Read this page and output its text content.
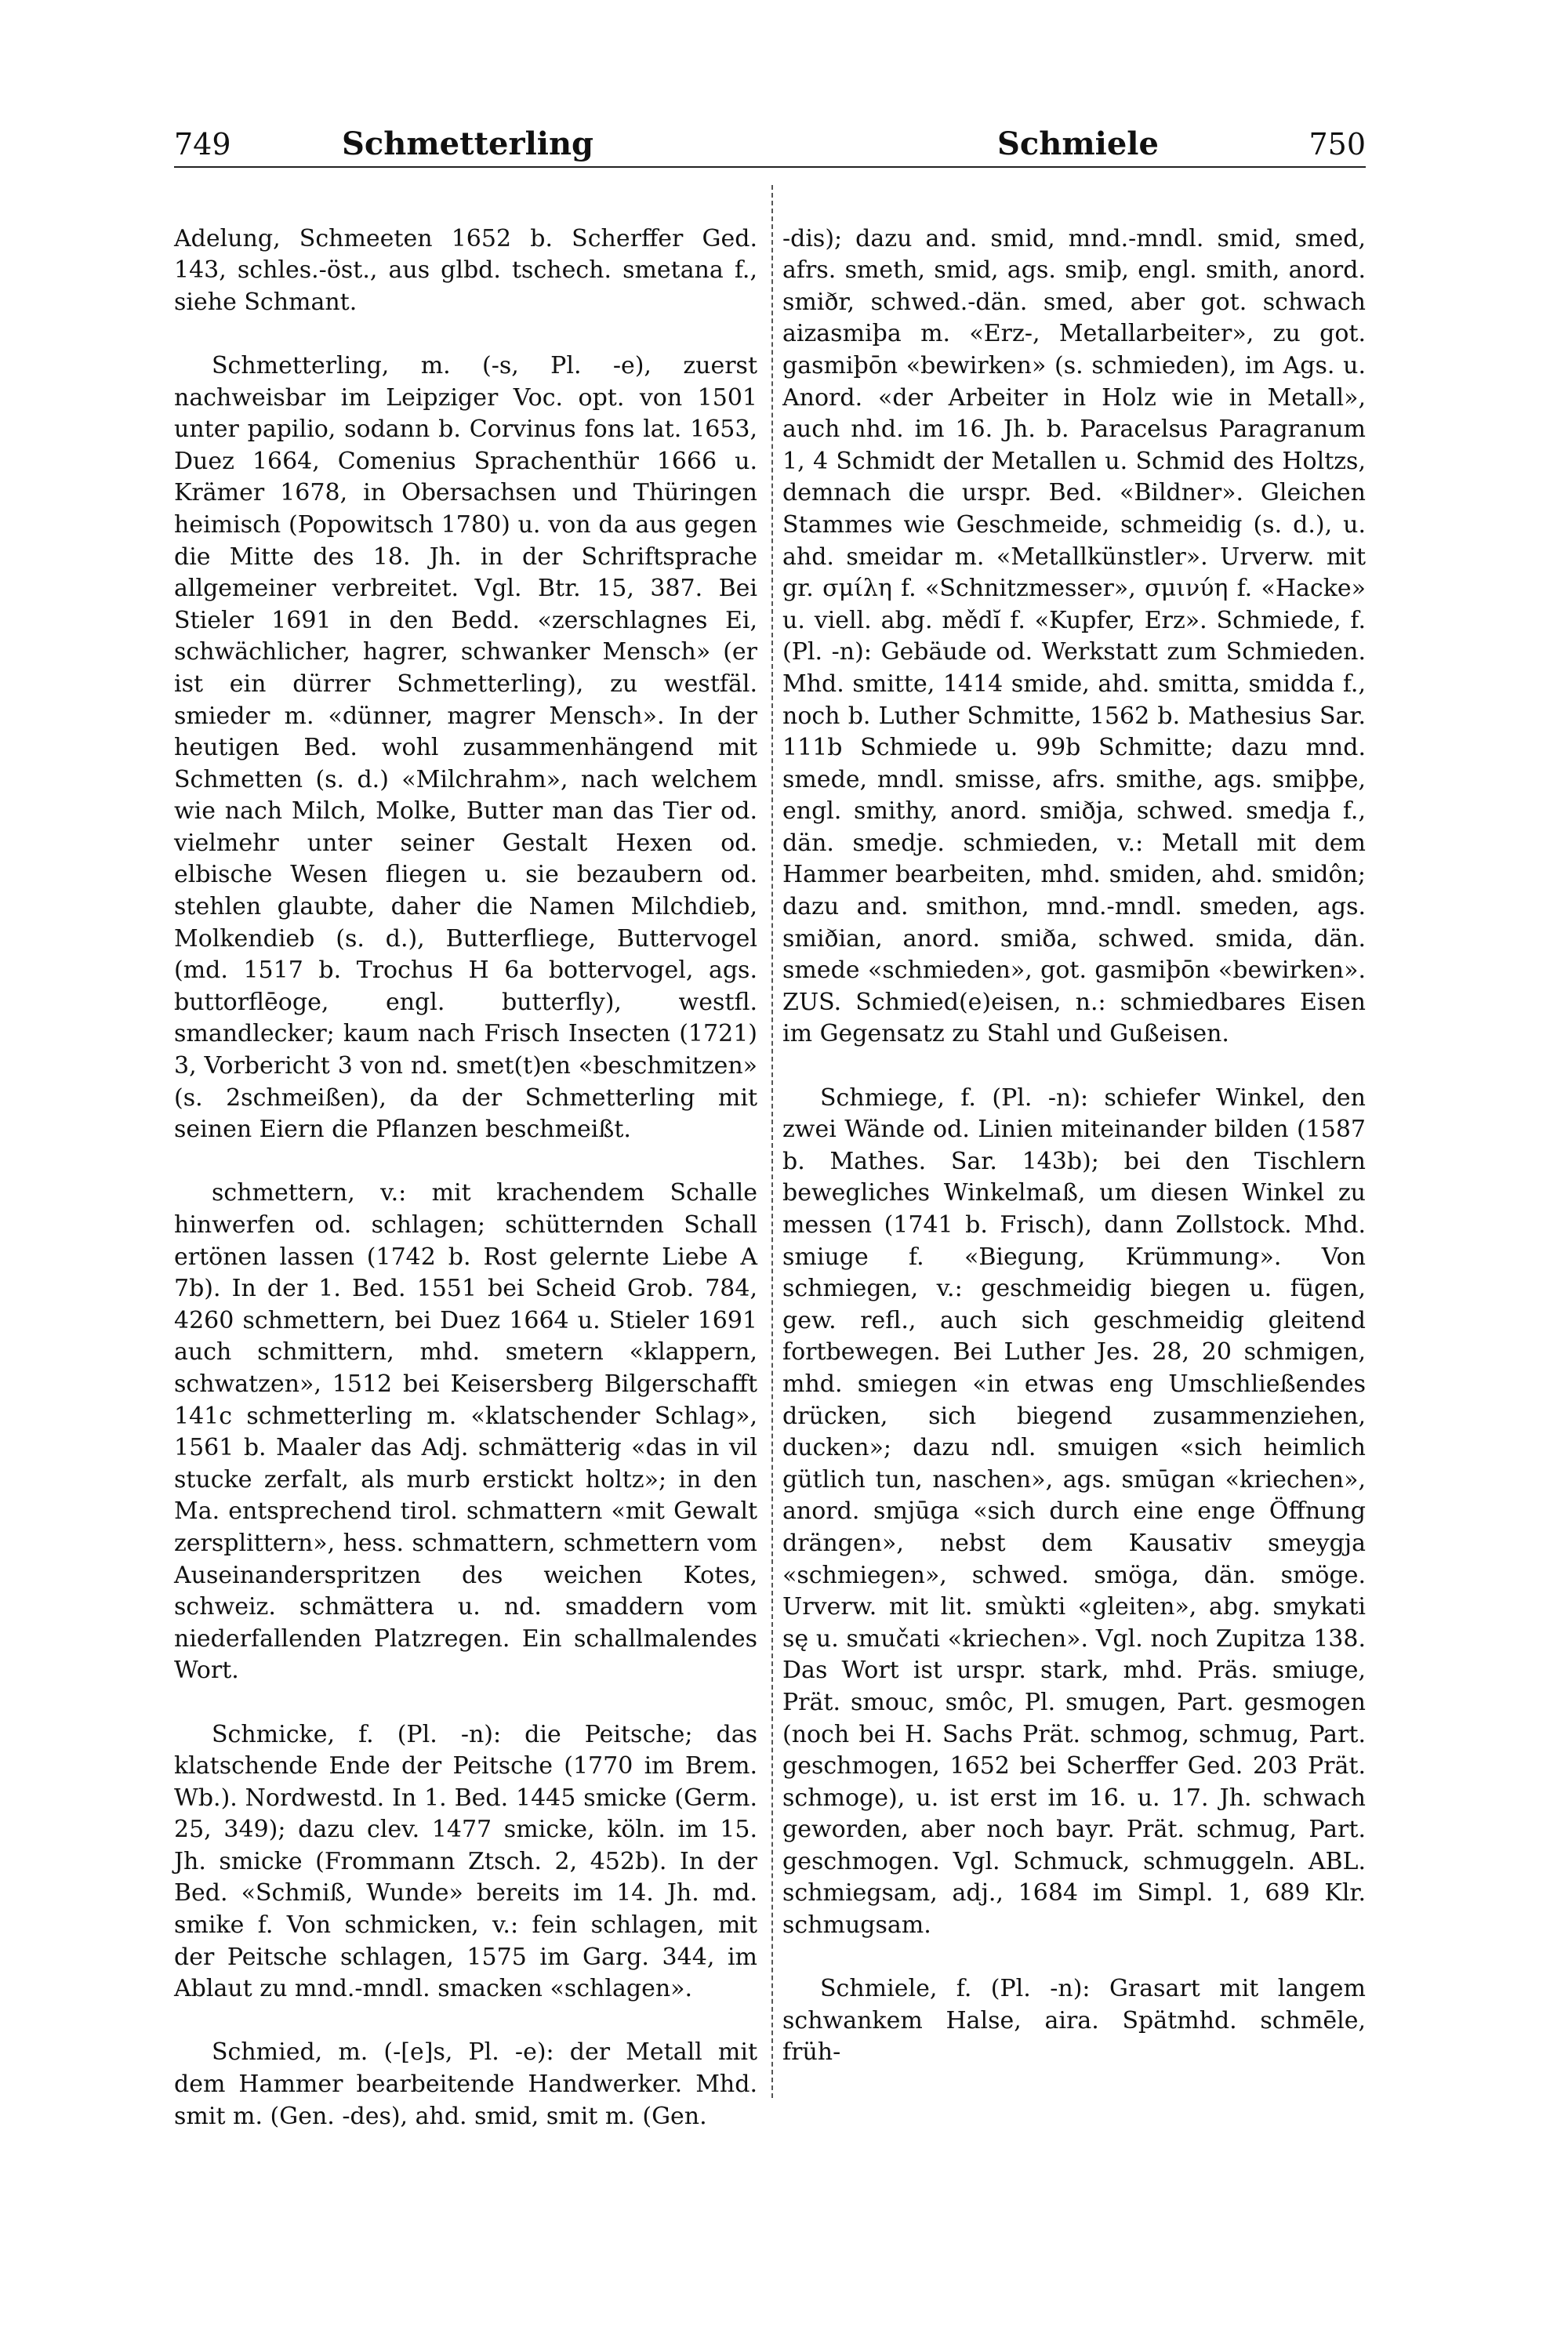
749	Schmetterling	Schmiele	750

Adelung, Schmeeten 1652 b. Scherffer Ged. 143, schles.-öst., aus glbd. tschech. smetana f., siehe Schmant.

Schmetterling, m. (-s, Pl. -e), zuerst nachweisbar im Leipziger Voc. opt. von 1501 unter papilio, sodann b. Corvinus fons lat. 1653, Duez 1664, Comenius Sprachenthür 1666 u. Krämer 1678, in Obersachsen und Thüringen heimisch (Popowitsch 1780) u. von da aus gegen die Mitte des 18. Jh. in der Schriftsprache allgemeiner verbreitet. Vgl. Btr. 15, 387. Bei Stieler 1691 in den Bedd. «zerschlagnes Ei, schwächlicher, hagrer, schwanker Mensch» (er ist ein dürrer Schmetterling), zu westfäl. smieder m. «dünner, magrer Mensch». In der heutigen Bed. wohl zusammenhängend mit Schmetten (s. d.) «Milchrahm», nach welchem wie nach Milch, Molke, Butter man das Tier od. vielmehr unter seiner Gestalt Hexen od. elbische Wesen fliegen u. sie bezaubern od. stehlen glaubte, daher die Namen Milchdieb, Molkendieb (s. d.), Butterfliege, Buttervogel (md. 1517 b. Trochus H 6a bottervogel, ags. buttorflēoge, engl. butterfly), westfl. smandlecker; kaum nach Frisch Insecten (1721) 3, Vorbericht 3 von nd. smet(t)en «beschmitzen» (s. 2schmeißen), da der Schmetterling mit seinen Eiern die Pflanzen beschmeißt.

schmettern, v.: mit krachendem Schalle hinwerfen od. schlagen; schütternden Schall ertönen lassen (1742 b. Rost gelernte Liebe A 7b). In der 1. Bed. 1551 bei Scheid Grob. 784, 4260 schmettern, bei Duez 1664 u. Stieler 1691 auch schmittern, mhd. smetern «klappern, schwatzen», 1512 bei Keisersberg Bilgerschafft 141c schmetterling m. «klatschender Schlag», 1561 b. Maaler das Adj. schmätterig «das in vil stucke zerfalt, als murb erstickt holtz»; in den Ma. entsprechend tirol. schmattern «mit Gewalt zersplittern», hess. schmattern, schmettern vom Auseinanderspritzen des weichen Kotes, schweiz. schmättera u. nd. smaddern vom niederfallenden Platzregen. Ein schallmalendes Wort.

Schmicke, f. (Pl. -n): die Peitsche; das klatschende Ende der Peitsche (1770 im Brem. Wb.). Nordwestd. In 1. Bed. 1445 smicke (Germ. 25, 349); dazu clev. 1477 smicke, köln. im 15. Jh. smicke (Frommann Ztsch. 2, 452b). In der Bed. «Schmiß, Wunde» bereits im 14. Jh. md. smike f. Von schmicken, v.: fein schlagen, mit der Peitsche schlagen, 1575 im Garg. 344, im Ablaut zu mnd.-mndl. smacken «schlagen».

Schmied, m. (-[e]s, Pl. -e): der Metall mit dem Hammer bearbeitende Handwerker. Mhd. smit m. (Gen. -des), ahd. smid, smit m. (Gen.

-dis); dazu and. smid, mnd.-mndl. smid, smed, afrs. smeth, smid, ags. smiþ, engl. smith, anord. smiðr, schwed.-dän. smed, aber got. schwach aizasmiþa m. «Erz-, Metallarbeiter», zu got. gasmiþōn «bewirken» (s. schmieden), im Ags. u. Anord. «der Arbeiter in Holz wie in Metall», auch nhd. im 16. Jh. b. Paracelsus Paragranum 1, 4 Schmidt der Metallen u. Schmid des Holtzs, demnach die urspr. Bed. «Bildner». Gleichen Stammes wie Geschmeide, schmeidig (s. d.), u. ahd. smeidar m. «Metallkünstler». Urverw. mit gr. σμίλη f. «Schnitzmesser», σμινύη f. «Hacke» u. viell. abg. mědĭ f. «Kupfer, Erz». Schmiede, f. (Pl. -n): Gebäude od. Werkstatt zum Schmieden. Mhd. smitte, 1414 smide, ahd. smitta, smidda f., noch b. Luther Schmitte, 1562 b. Mathesius Sar. 111b Schmiede u. 99b Schmitte; dazu mnd. smede, mndl. smisse, afrs. smithe, ags. smiþþe, engl. smithy, anord. smiðja, schwed. smedja f., dän. smedje. schmieden, v.: Metall mit dem Hammer bearbeiten, mhd. smiden, ahd. smidôn; dazu and. smithon, mnd.-mndl. smeden, ags. smiðian, anord. smiða, schwed. smida, dän. smede «schmieden», got. gasmiþōn «bewirken». ZUS. Schmied(e)eisen, n.: schmiedbares Eisen im Gegensatz zu Stahl und Gußeisen.

Schmiege, f. (Pl. -n): schiefer Winkel, den zwei Wände od. Linien miteinander bilden (1587 b. Mathes. Sar. 143b); bei den Tischlern bewegliches Winkelmaß, um diesen Winkel zu messen (1741 b. Frisch), dann Zollstock. Mhd. smiuge f. «Biegung, Krümmung». Von schmiegen, v.: geschmeidig biegen u. fügen, gew. refl., auch sich geschmeidig gleitend fortbewegen. Bei Luther Jes. 28, 20 schmigen, mhd. smiegen «in etwas eng Umschließendes drücken, sich biegend zusammenziehen, ducken»; dazu ndl. smuigen «sich heimlich gütlich tun, naschen», ags. smūgan «kriechen», anord. smjūga «sich durch eine enge Öffnung drängen», nebst dem Kausativ smeygja «schmiegen», schwed. smöga, dän. smöge. Urverw. mit lit. smùkti «gleiten», abg. smykati sę u. smučati «kriechen». Vgl. noch Zupitza 138. Das Wort ist urspr. stark, mhd. Präs. smiuge, Prät. smouc, smôc, Pl. smugen, Part. gesmogen (noch bei H. Sachs Prät. schmog, schmug, Part. geschmogen, 1652 bei Scherffer Ged. 203 Prät. schmoge), u. ist erst im 16. u. 17. Jh. schwach geworden, aber noch bayr. Prät. schmug, Part. geschmogen. Vgl. Schmuck, schmuggeln. ABL. schmiegsam, adj., 1684 im Simpl. 1, 689 Klr. schmugsam.

Schmiele, f. (Pl. -n): Grasart mit langem schwankem Halse, aira. Spätmhd. schmēle, früh-
